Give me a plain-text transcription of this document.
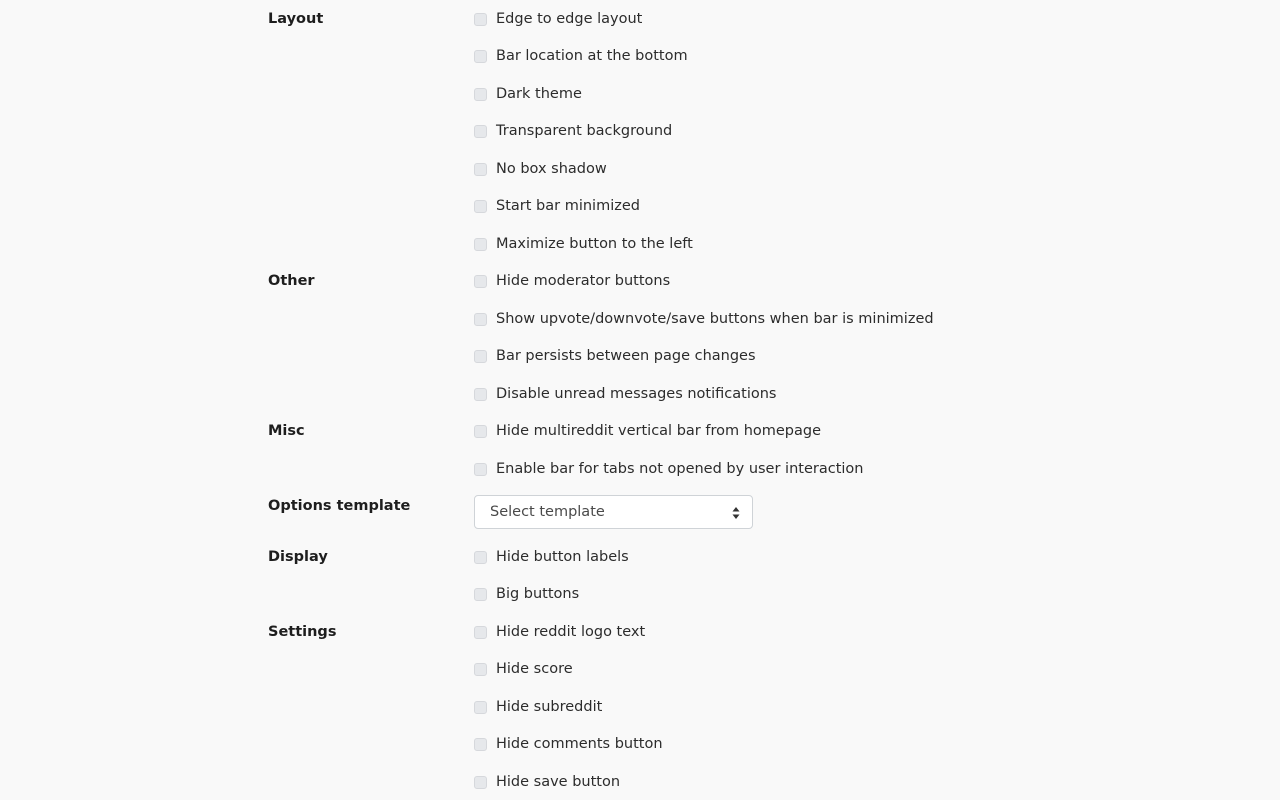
Layout	Edge to edge layout
Bar location at the bottom
Dark theme
Transparent background
No box shadow
Start bar minimized
Maximize button to the left
Other	Hide moderator buttons
Show upvote/downvote/save buttons when bar is minimized
Bar persists between page changes
Disable unread messages notifications
Misc	Hide multireddit vertical bar from homepage
Enable bar for tabs not opened by user interaction
Options template	Select template
Display	Hide button labels
Big buttons
Settings	Hide reddit logo text
Hide score
Hide subreddit
Hide comments button
Hide save button
